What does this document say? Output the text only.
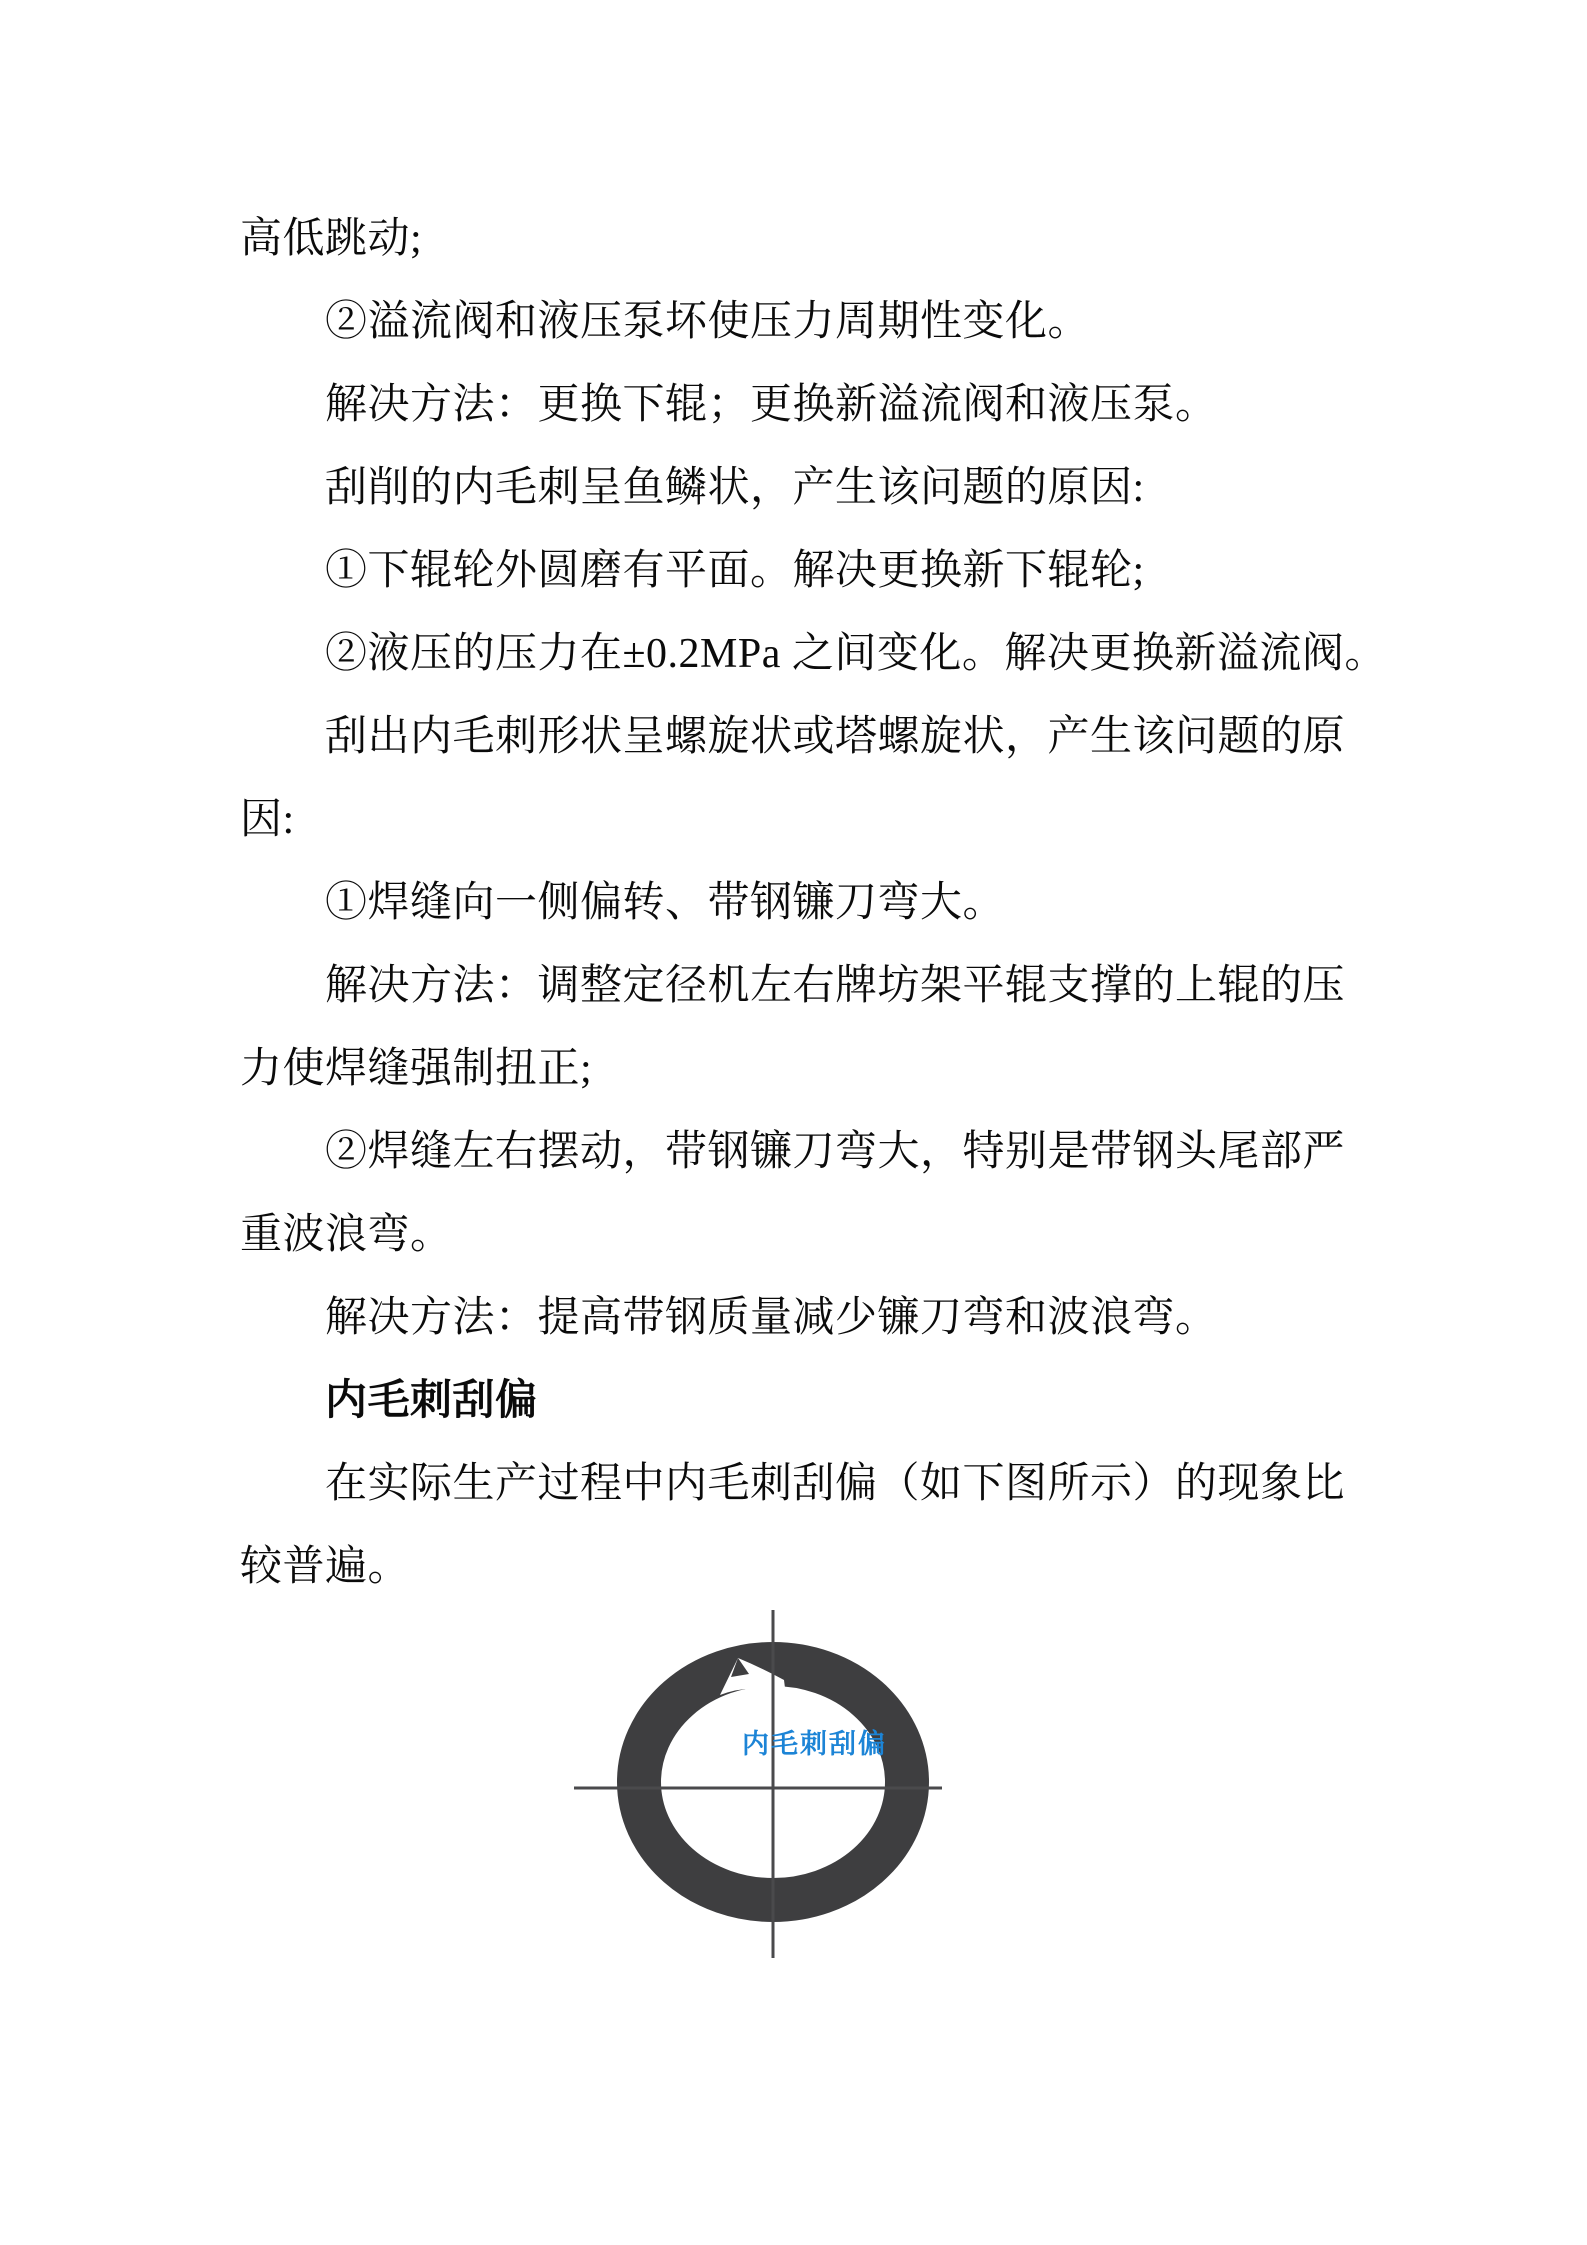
高低跳动;
②溢流阀和液压泵坏使压力周期性变化。
解决方法：更换下辊；更换新溢流阀和液压泵。
刮削的内毛刺呈鱼鳞状，产生该问题的原因:
①下辊轮外圆磨有平面。解决更换新下辊轮;
②液压的压力在±0.2MPa 之间变化。解决更换新溢流阀。
刮出内毛刺形状呈螺旋状或塔螺旋状，产生该问题的原
因:
①焊缝向一侧偏转、带钢镰刀弯大。
解决方法：调整定径机左右牌坊架平辊支撑的上辊的压
力使焊缝强制扭正;
②焊缝左右摆动，带钢镰刀弯大，特别是带钢头尾部严
重波浪弯。
解决方法：提高带钢质量减少镰刀弯和波浪弯。
内毛刺刮偏
在实际生产过程中内毛刺刮偏（如下图所示）的现象比
较普遍。
内毛刺刮偏
